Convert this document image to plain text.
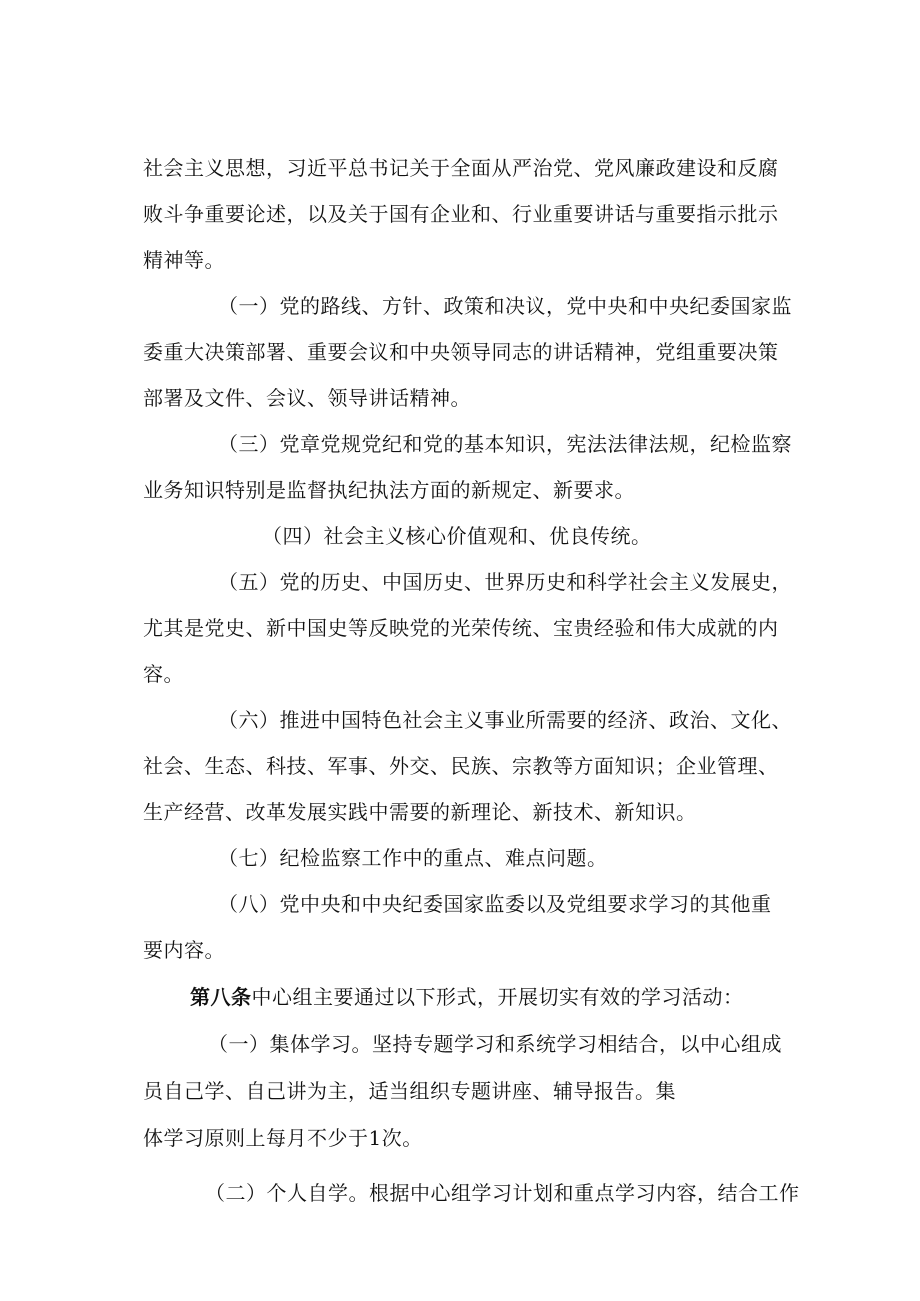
社会主义思想，习近平总书记关于全面从严治党、党风廉政建设和反腐
败斗争重要论述，以及关于国有企业和、行业重要讲话与重要指示批示
精神等。
（一）党的路线、方针、政策和决议，党中央和中央纪委国家监
委重大决策部署、重要会议和中央领导同志的讲话精神，党组重要决策
部署及文件、会议、领导讲话精神。
（三）党章党规党纪和党的基本知识，宪法法律法规，纪检监察
业务知识特别是监督执纪执法方面的新规定、新要求。
（四）社会主义核心价值观和、优良传统。
（五）党的历史、中国历史、世界历史和科学社会主义发展史，
尤其是党史、新中国史等反映党的光荣传统、宝贵经验和伟大成就的内
容。
（六）推进中国特色社会主义事业所需要的经济、政治、文化、
社会、生态、科技、军事、外交、民族、宗教等方面知识；企业管理、
生产经营、改革发展实践中需要的新理论、新技术、新知识。
（七）纪检监察工作中的重点、难点问题。
（八）党中央和中央纪委国家监委以及党组要求学习的其他重
要内容。
第八条中心组主要通过以下形式，开展切实有效的学习活动：
（一）集体学习。坚持专题学习和系统学习相结合，以中心组成
员自己学、自己讲为主，适当组织专题讲座、辅导报告。集
体学习原则上每月不少于1次。
（二）个人自学。根据中心组学习计划和重点学习内容，结合工作
